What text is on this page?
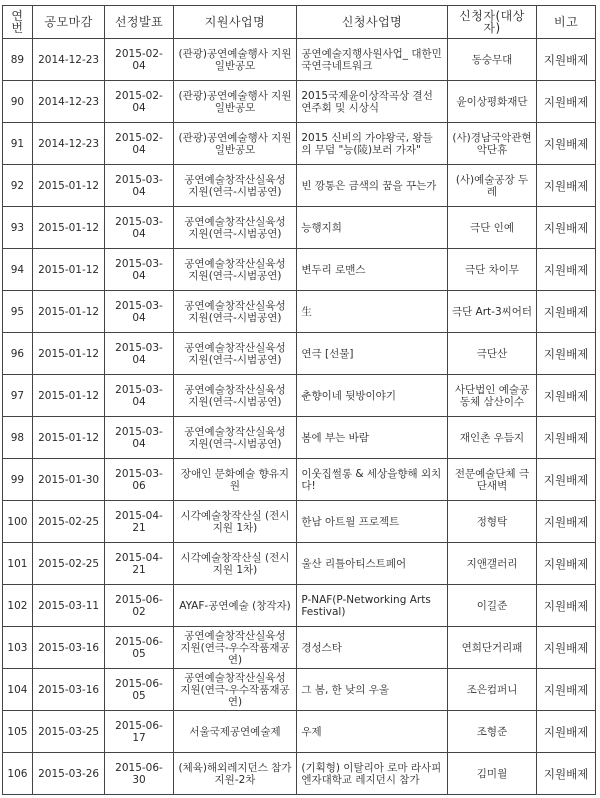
연번	공모마감	선정발표	지원사업명	신청사업명	신청자(대상자)	비고
89	2014-12-23	2015-02-04	(관광)공연예술행사 지원 일반공모	공연예술지행사원사업_ 대한민국연극네트워크	동숭무대	지원배제
90	2014-12-23	2015-02-04	(관광)공연예술행사 지원 일반공모	2015국제윤이상작곡상 결선연주회 및 시상식	윤이상평화재단	지원배제
91	2014-12-23	2015-02-04	(관광)공연예술행사 지원 일반공모	2015 신비의 가야왕국, 왕들의 무덤 "능(陵)보러 가자"	(사)경남국악관현악단휴	지원배제
92	2015-01-12	2015-03-04	공연예술창작산실육성 지원(연극-시범공연)	빈 깡통은 금색의 꿈을 꾸는가	(사)예술공장 두레	지원배제
93	2015-01-12	2015-03-04	공연예술창작산실육성 지원(연극-시범공연)	능행지희	극단 인예	지원배제
94	2015-01-12	2015-03-04	공연예술창작산실육성 지원(연극-시범공연)	변두리 로맨스	극단 차이무	지원배제
95	2015-01-12	2015-03-04	공연예술창작산실육성 지원(연극-시범공연)	生	극단 Art-3씨어터	지원배제
96	2015-01-12	2015-03-04	공연예술창작산실육성 지원(연극-시범공연)	연극 [선물]	극단산	지원배제
97	2015-01-12	2015-03-04	공연예술창작산실육성 지원(연극-시범공연)	춘향이네 뒷방이야기	사단법인 예술공동체 삼산이수	지원배제
98	2015-01-12	2015-03-04	공연예술창작산실육성 지원(연극-시범공연)	봄에 부는 바람	재인촌 우듬지	지원배제
99	2015-01-30	2015-03-06	장애인 문화예술 향유지원	이웃집썰롱 & 세상을향해 외치다!	전문예술단체 극단새벽	지원배제
100	2015-02-25	2015-04-21	시각예술창작산실 (전시지원 1차)	한남 아트월 프로젝트	정형탁	지원배제
101	2015-02-25	2015-04-21	시각예술창작산실 (전시지원 1차)	울산 리틀아티스트페어	지앤갤러리	지원배제
102	2015-03-11	2015-06-02	AYAF-공연예술 (창작자)	P-NAF(P-Networking Arts Festival)	이길준	지원배제
103	2015-03-16	2015-06-05	공연예술창작산실육성 지원(연극-우수작품재공연)	경성스타	연희단거리패	지원배제
104	2015-03-16	2015-06-05	공연예술창작산실육성 지원(연극-우수작품재공연)	그 봄, 한 낮의 우울	조은컴퍼니	지원배제
105	2015-03-25	2015-06-17	서울국제공연예술제	우제	조형준	지원배제
106	2015-03-26	2015-06-30	(체육)해외레지던스 참가지원-2차	(기획형) 이탈리아 로마 라사피엔자대학교 레지던시 참가	김미월	지원배제
